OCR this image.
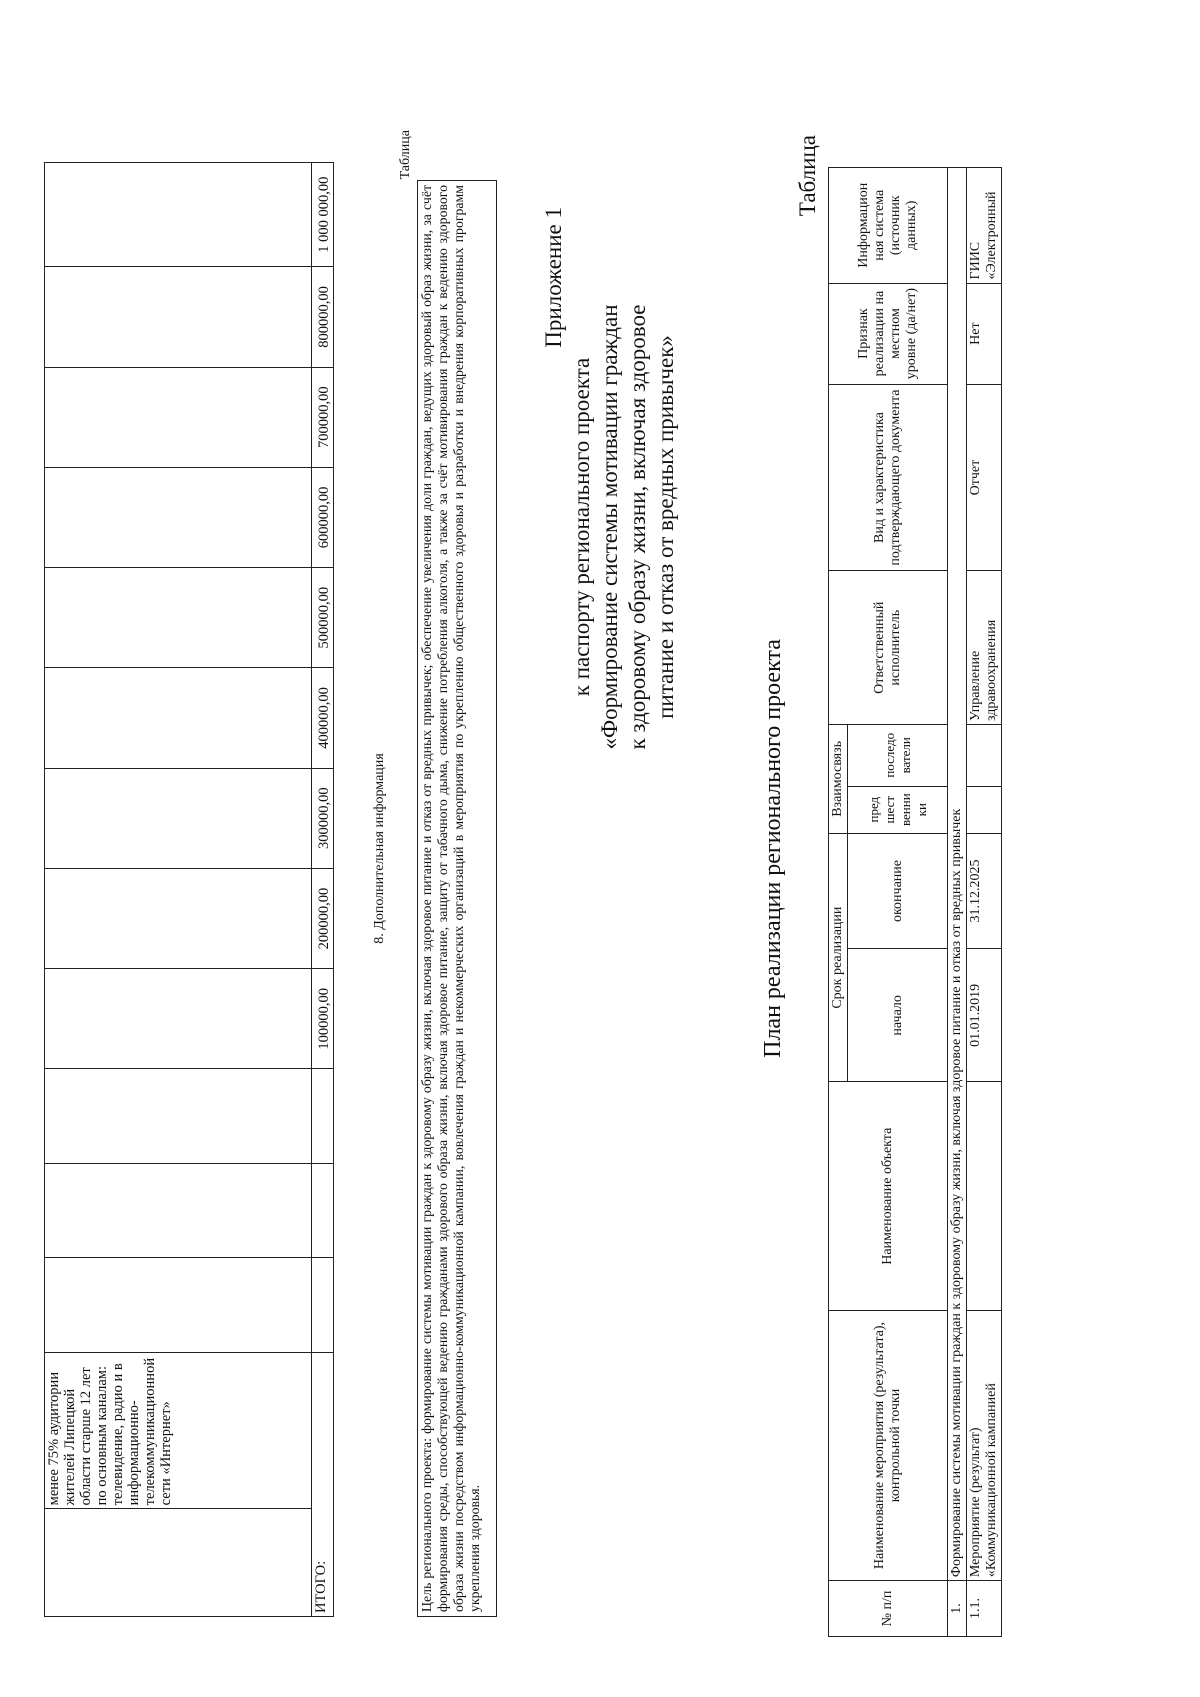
	менее 75% аудитории жителей Липецкой области старше 12 лет по основным каналам: телевидение, радио и в информационно-телекоммуникационной сети «Интернет»												
ИТОГО:					100000,00	200000,00	300000,00	400000,00	500000,00	600000,00	700000,00	800000,00	1 000 000,00
8. Дополнительная информация
Таблица
Цель регионального проекта: формирование системы мотивации граждан к здоровому образу жизни, включая здоровое питание и отказ от вредных привычек; обеспечение увеличения доли граждан, ведущих здоровый образ жизни, за счёт формирования среды, способствующей ведению гражданами здорового образа жизни, включая здоровое питание, защиту от табачного дыма, снижение потребления алкоголя, а также за счёт мотивирования граждан к ведению здорового образа жизни посредством информационно-коммуникационной кампании, вовлечения граждан и некоммерческих организаций в мероприятия по укреплению общественного здоровья и разработки и внедрения корпоративных программ укрепления здоровья.
Приложение 1
к паспорту регионального проекта «Формирование системы мотивации граждан к здоровому образу жизни, включая здоровое питание и отказ от вредных привычек»
План реализации регионального проекта
Таблица
№ п/п	Наименование мероприятия (результата), контрольной точки	Наименование объекта	Срок реализации		Взаимосвязь		Ответственный исполнитель	Вид и характеристика подтверждающего документа	Признак реализации на местном уровне (да/нет)	Информацион ная система (источник данных)
			начало	окончание	пред шест венни ки	последо ватели				
1.	Формирование системы мотивации граждан к здоровому образу жизни, включая здоровое питание и отказ от вредных привычек									
1.1.	Мероприятие (результат) «Коммуникационной кампанией		01.01.2019	31.12.2025			Управление здравоохранения	Отчет	Нет	ГИИС «Электронный
